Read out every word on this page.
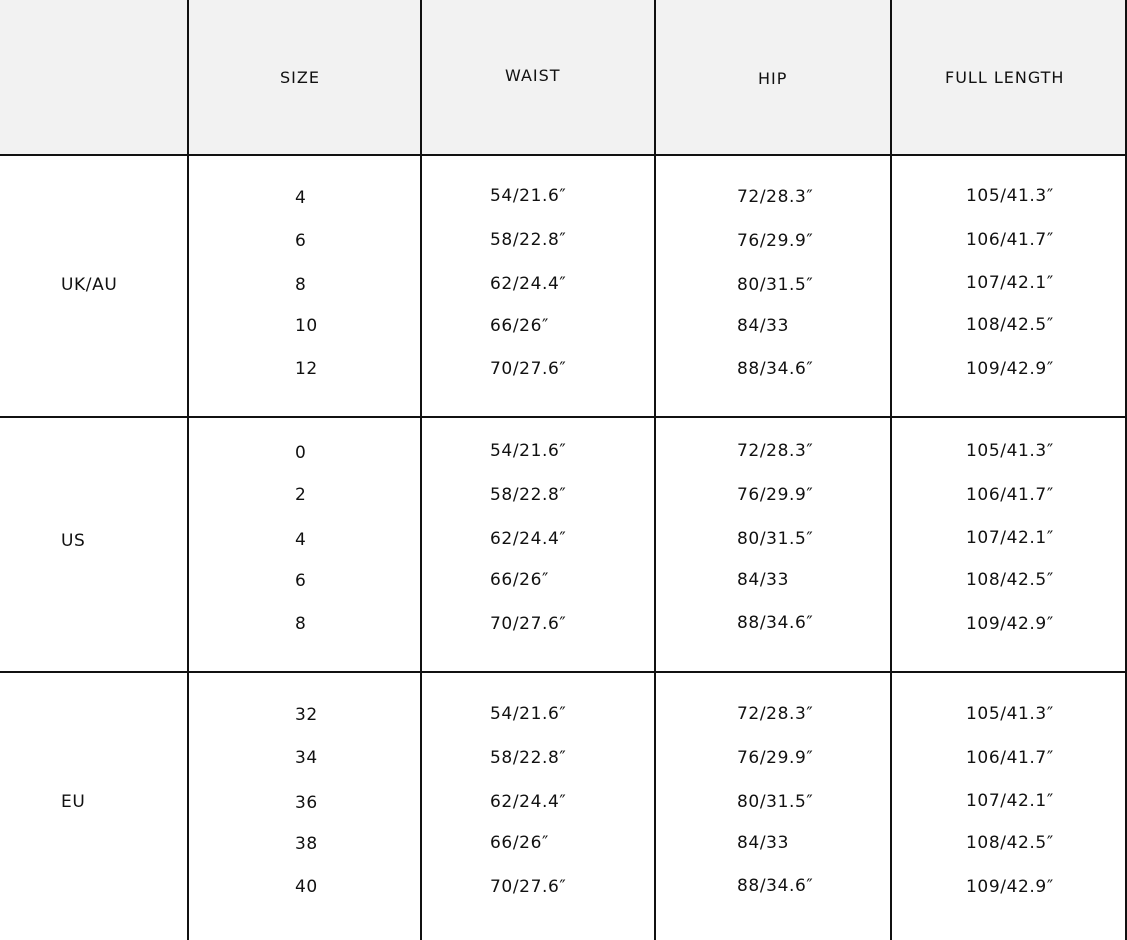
SIZE	WAIST	HIP	FULL LENGTH
UK/AU
4	54/21.6″	72/28.3″	105/41.3″
6	58/22.8″	76/29.9″	106/41.7″
8	62/24.4″	80/31.5″	107/42.1″
10	66/26″	84/33	108/42.5″
12	70/27.6″	88/34.6″	109/42.9″
US
0	54/21.6″	72/28.3″	105/41.3″
2	58/22.8″	76/29.9″	106/41.7″
4	62/24.4″	80/31.5″	107/42.1″
6	66/26″	84/33	108/42.5″
8	70/27.6″	88/34.6″	109/42.9″
EU
32	54/21.6″	72/28.3″	105/41.3″
34	58/22.8″	76/29.9″	106/41.7″
36	62/24.4″	80/31.5″	107/42.1″
38	66/26″	84/33	108/42.5″
40	70/27.6″	88/34.6″	109/42.9″
